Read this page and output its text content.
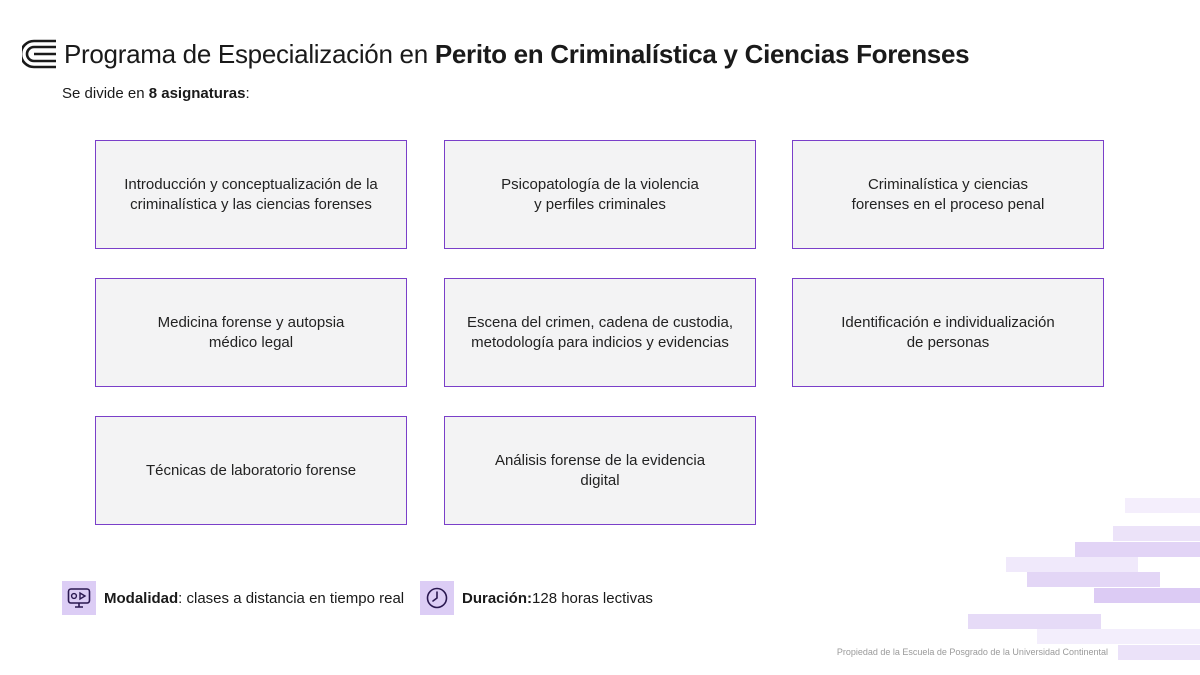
Programa de Especialización en Perito en Criminalística y Ciencias Forenses
Se divide en 8 asignaturas:
Introducción y conceptualización de la
criminalística y las ciencias forenses
Psicopatología de la violencia
y perfiles criminales
Criminalística y ciencias
forenses en el proceso penal
Medicina forense y autopsia
médico legal
Escena del crimen, cadena de custodia,
metodología para indicios y evidencias
Identificación e individualización
de personas
Técnicas de laboratorio forense
Análisis forense de la evidencia
digital
Modalidad : clases a distancia en tiempo real	Duración: 128 horas lectivas
Propiedad de la Escuela de Posgrado de la Universidad Continental
